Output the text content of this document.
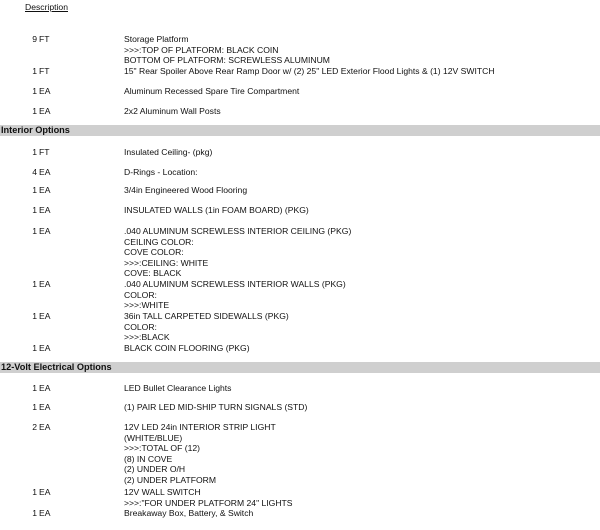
Description
9 FT	Storage Platform
>>>:TOP OF PLATFORM: BLACK COIN
BOTTOM OF PLATFORM: SCREWLESS ALUMINUM
1 FT	15" Rear Spoiler Above Rear Ramp Door w/ (2) 25" LED Exterior Flood Lights & (1) 12V SWITCH
1 EA	Aluminum Recessed Spare Tire Compartment
1 EA	2x2 Aluminum Wall Posts
Interior Options
1 FT	Insulated Ceiling- (pkg)
4 EA	D-Rings - Location:
1 EA	3/4in Engineered Wood Flooring
1 EA	INSULATED WALLS (1in FOAM BOARD) (PKG)
1 EA	.040 ALUMINUM SCREWLESS INTERIOR CEILING (PKG)
CEILING COLOR:
COVE COLOR:
>>>:CEILING: WHITE
COVE: BLACK
1 EA	.040 ALUMINUM SCREWLESS INTERIOR WALLS (PKG)
COLOR:
>>>:WHITE
1 EA	36in TALL CARPETED SIDEWALLS (PKG)
COLOR:
>>>:BLACK
1 EA	BLACK COIN FLOORING (PKG)
12-Volt Electrical Options
1 EA	LED Bullet Clearance Lights
1 EA	(1) PAIR LED MID-SHIP TURN SIGNALS (STD)
2 EA	12V LED 24in INTERIOR STRIP LIGHT
(WHITE/BLUE)
>>>:TOTAL OF (12)
(8) IN COVE
(2) UNDER O/H
(2) UNDER PLATFORM
1 EA	12V WALL SWITCH
>>>:"FOR UNDER PLATFORM 24" LIGHTS
1 EA	Breakaway Box, Battery, & Switch
